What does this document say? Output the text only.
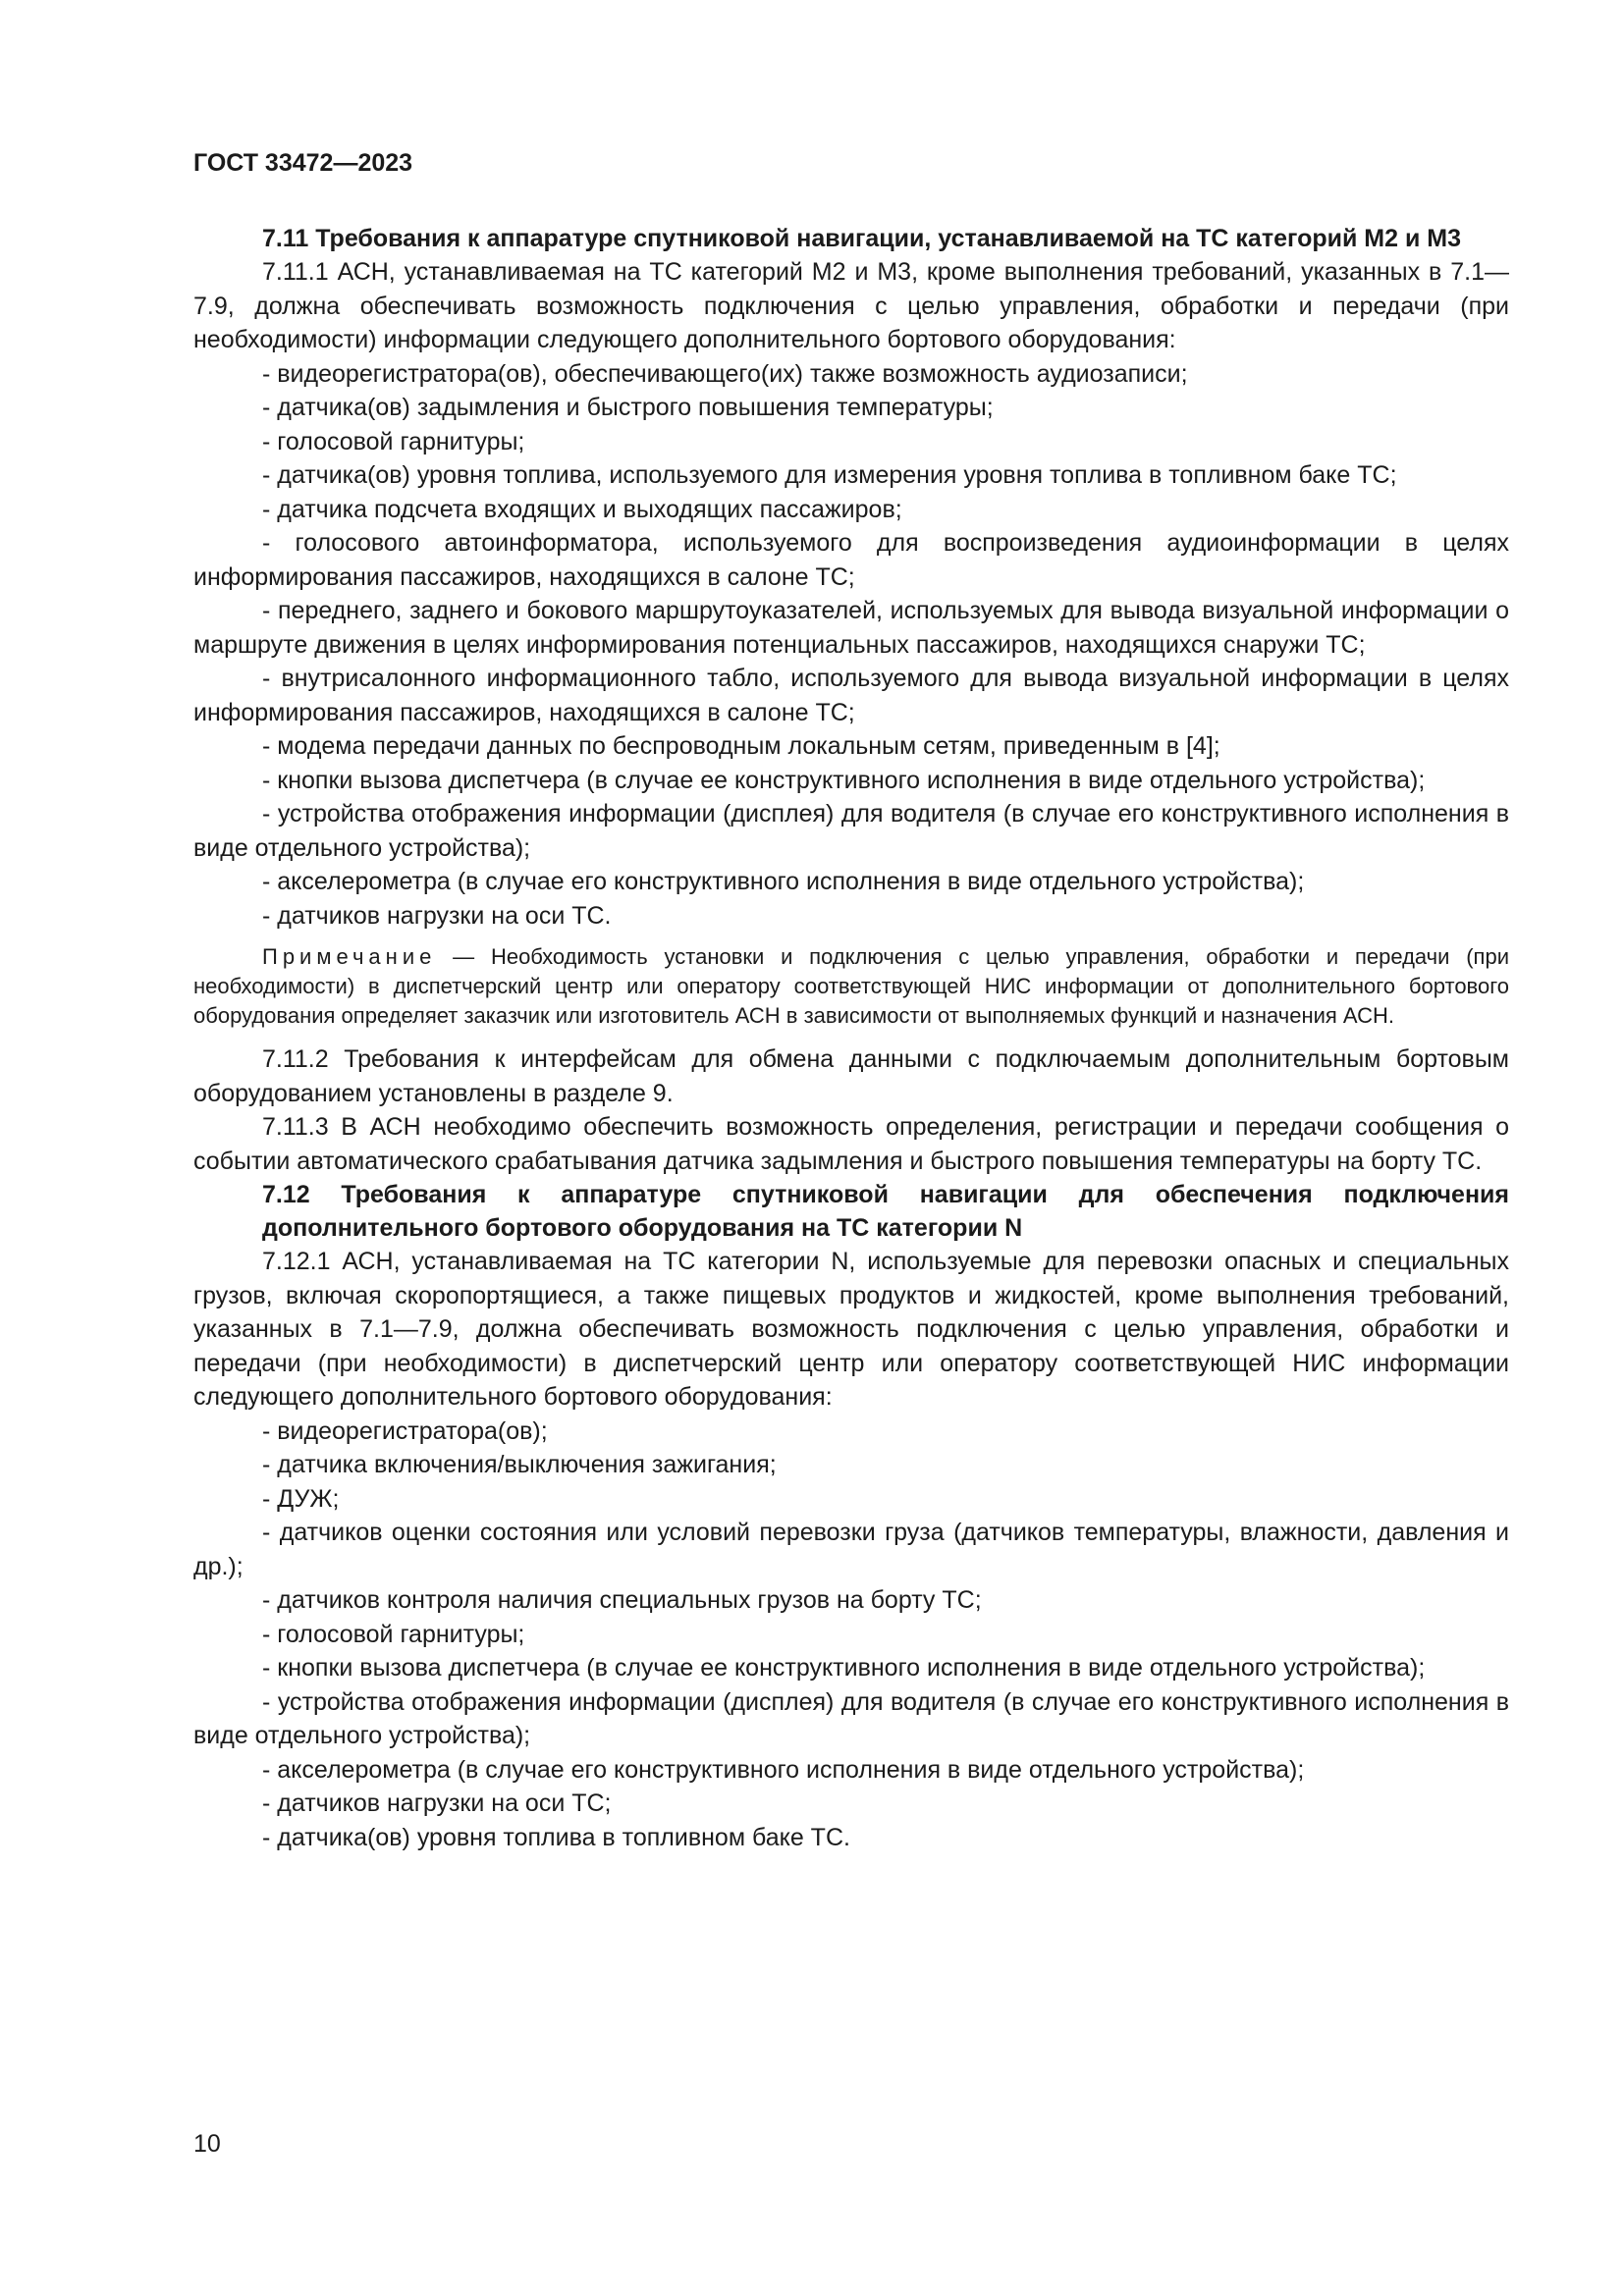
ГОСТ 33472—2023

7.11 Требования к аппаратуре спутниковой навигации, устанавливаемой на ТС категорий М2 и М3

7.11.1 АСН, устанавливаемая на ТС категорий М2 и М3, кроме выполнения требований, указанных в 7.1—7.9, должна обеспечивать возможность подключения с целью управления, обработки и передачи (при необходимости) информации следующего дополнительного бортового оборудования:

- видеорегистратора(ов), обеспечивающего(их) также возможность аудиозаписи;

- датчика(ов) задымления и быстрого повышения температуры;

- голосовой гарнитуры;

- датчика(ов) уровня топлива, используемого для измерения уровня топлива в топливном баке ТС;

- датчика подсчета входящих и выходящих пассажиров;

- голосового автоинформатора, используемого для воспроизведения аудиоинформации в целях информирования пассажиров, находящихся в салоне ТС;

- переднего, заднего и бокового маршрутоуказателей, используемых для вывода визуальной информации о маршруте движения в целях информирования потенциальных пассажиров, находящихся снаружи ТС;

- внутрисалонного информационного табло, используемого для вывода визуальной информации в целях информирования пассажиров, находящихся в салоне ТС;

- модема передачи данных по беспроводным локальным сетям, приведенным в [4];

- кнопки вызова диспетчера (в случае ее конструктивного исполнения в виде отдельного устройства);

- устройства отображения информации (дисплея) для водителя (в случае его конструктивного исполнения в виде отдельного устройства);

- акселерометра (в случае его конструктивного исполнения в виде отдельного устройства);

- датчиков нагрузки на оси ТС.

Примечание — Необходимость установки и подключения с целью управления, обработки и передачи (при необходимости) в диспетчерский центр или оператору соответствующей НИС информации от дополнительного бортового оборудования определяет заказчик или изготовитель АСН в зависимости от выполняемых функций и назначения АСН.

7.11.2 Требования к интерфейсам для обмена данными с подключаемым дополнительным бортовым оборудованием установлены в разделе 9.

7.11.3 В АСН необходимо обеспечить возможность определения, регистрации и передачи сообщения о событии автоматического срабатывания датчика задымления и быстрого повышения температуры на борту ТС.

7.12 Требования к аппаратуре спутниковой навигации для обеспечения подключения дополнительного бортового оборудования на ТС категории N

7.12.1 АСН, устанавливаемая на ТС категории N, используемые для перевозки опасных и специальных грузов, включая скоропортящиеся, а также пищевых продуктов и жидкостей, кроме выполнения требований, указанных в 7.1—7.9, должна обеспечивать возможность подключения с целью управления, обработки и передачи (при необходимости) в диспетчерский центр или оператору соответствующей НИС информации следующего дополнительного бортового оборудования:

- видеорегистратора(ов);

- датчика включения/выключения зажигания;

- ДУЖ;

- датчиков оценки состояния или условий перевозки груза (датчиков температуры, влажности, давления и др.);

- датчиков контроля наличия специальных грузов на борту ТС;

- голосовой гарнитуры;

- кнопки вызова диспетчера (в случае ее конструктивного исполнения в виде отдельного устройства);

- устройства отображения информации (дисплея) для водителя (в случае его конструктивного исполнения в виде отдельного устройства);

- акселерометра (в случае его конструктивного исполнения в виде отдельного устройства);

- датчиков нагрузки на оси ТС;

- датчика(ов) уровня топлива в топливном баке ТС.

10
